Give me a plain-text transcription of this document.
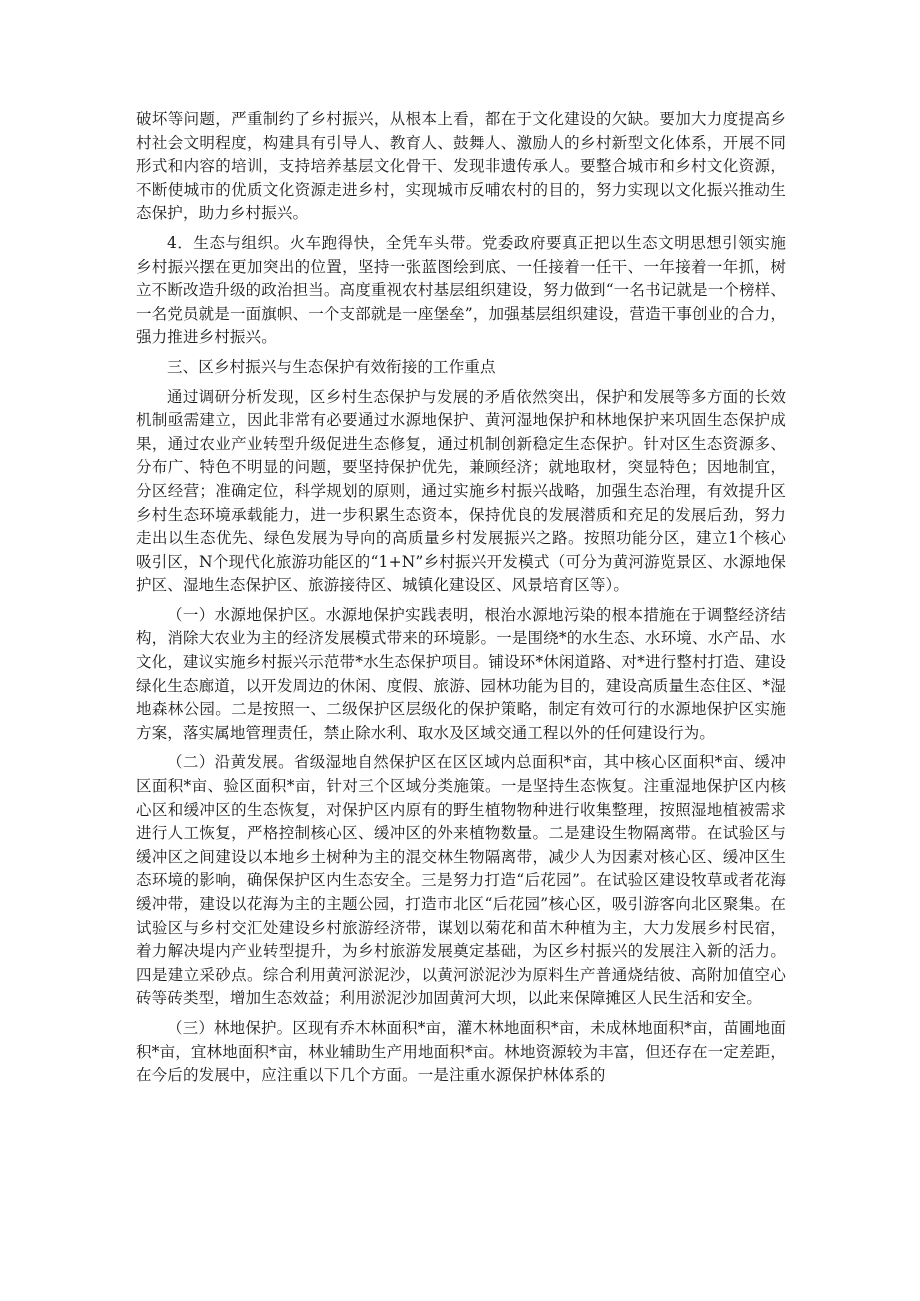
破坏等问题，严重制约了乡村振兴，从根本上看，都在于文化建设的欠缺。要加大力度提高乡村社会文明程度，构建具有引导人、教育人、鼓舞人、激励人的乡村新型文化体系，开展不同形式和内容的培训，支持培养基层文化骨干、发现非遗传承人。要整合城市和乡村文化资源，不断使城市的优质文化资源走进乡村，实现城市反哺农村的目的，努力实现以文化振兴推动生态保护，助力乡村振兴。

4．生态与组织。火车跑得快，全凭车头带。党委政府要真正把以生态文明思想引领实施乡村振兴摆在更加突出的位置，坚持一张蓝图绘到底、一任接着一任干、一年接着一年抓，树立不断改造升级的政治担当。高度重视农村基层组织建设，努力做到“一名书记就是一个榜样、一名党员就是一面旗帜、一个支部就是一座堡垒”，加强基层组织建设，营造干事创业的合力，强力推进乡村振兴。

三、区乡村振兴与生态保护有效衔接的工作重点

通过调研分析发现，区乡村生态保护与发展的矛盾依然突出，保护和发展等多方面的长效机制亟需建立，因此非常有必要通过水源地保护、黄河湿地保护和林地保护来巩固生态保护成果，通过农业产业转型升级促进生态修复，通过机制创新稳定生态保护。针对区生态资源多、分布广、特色不明显的问题，要坚持保护优先，兼顾经济；就地取材，突显特色；因地制宜，分区经营；准确定位，科学规划的原则，通过实施乡村振兴战略，加强生态治理，有效提升区乡村生态环境承载能力，进一步积累生态资本，保持优良的发展潜质和充足的发展后劲，努力走出以生态优先、绿色发展为导向的高质量乡村发展振兴之路。按照功能分区，建立1个核心吸引区，N个现代化旅游功能区的“1+N”乡村振兴开发模式（可分为黄河游览景区、水源地保护区、湿地生态保护区、旅游接待区、城镇化建设区、风景培育区等）。

（一）水源地保护区。水源地保护实践表明，根治水源地污染的根本措施在于调整经济结构，消除大农业为主的经济发展模式带来的环境影。一是围绕*的水生态、水环境、水产品、水文化，建议实施乡村振兴示范带*水生态保护项目。铺设环*休闲道路、对*进行整村打造、建设绿化生态廊道，以开发周边的休闲、度假、旅游、园林功能为目的，建设高质量生态住区、*湿地森林公园。二是按照一、二级保护区层级化的保护策略，制定有效可行的水源地保护区实施方案，落实属地管理责任，禁止除水利、取水及区域交通工程以外的任何建设行为。

（二）沿黄发展。省级湿地自然保护区在区区域内总面积*亩，其中核心区面积*亩、缓冲区面积*亩、验区面积*亩，针对三个区域分类施策。一是坚持生态恢复。注重湿地保护区内核心区和缓冲区的生态恢复，对保护区内原有的野生植物物种进行收集整理，按照湿地植被需求进行人工恢复，严格控制核心区、缓冲区的外来植物数量。二是建设生物隔离带。在试验区与缓冲区之间建设以本地乡土树种为主的混交林生物隔离带，减少人为因素对核心区、缓冲区生态环境的影响，确保保护区内生态安全。三是努力打造“后花园”。在试验区建设牧草或者花海缓冲带，建设以花海为主的主题公园，打造市北区“后花园”核心区，吸引游客向北区聚集。在试验区与乡村交汇处建设乡村旅游经济带，谋划以菊花和苗木种植为主，大力发展乡村民宿，着力解决堤内产业转型提升，为乡村旅游发展奠定基础，为区乡村振兴的发展注入新的活力。四是建立采砂点。综合利用黄河淤泥沙，以黄河淤泥沙为原料生产普通烧结彼、高附加值空心砖等砖类型，增加生态效益；利用淤泥沙加固黄河大坝，以此来保障摊区人民生活和安全。

（三）林地保护。区现有乔木林面积*亩，灌木林地面积*亩，未成林地面积*亩，苗圃地面积*亩，宜林地面积*亩，林业辅助生产用地面积*亩。林地资源较为丰富，但还存在一定差距，在今后的发展中，应注重以下几个方面。一是注重水源保护林体系的
